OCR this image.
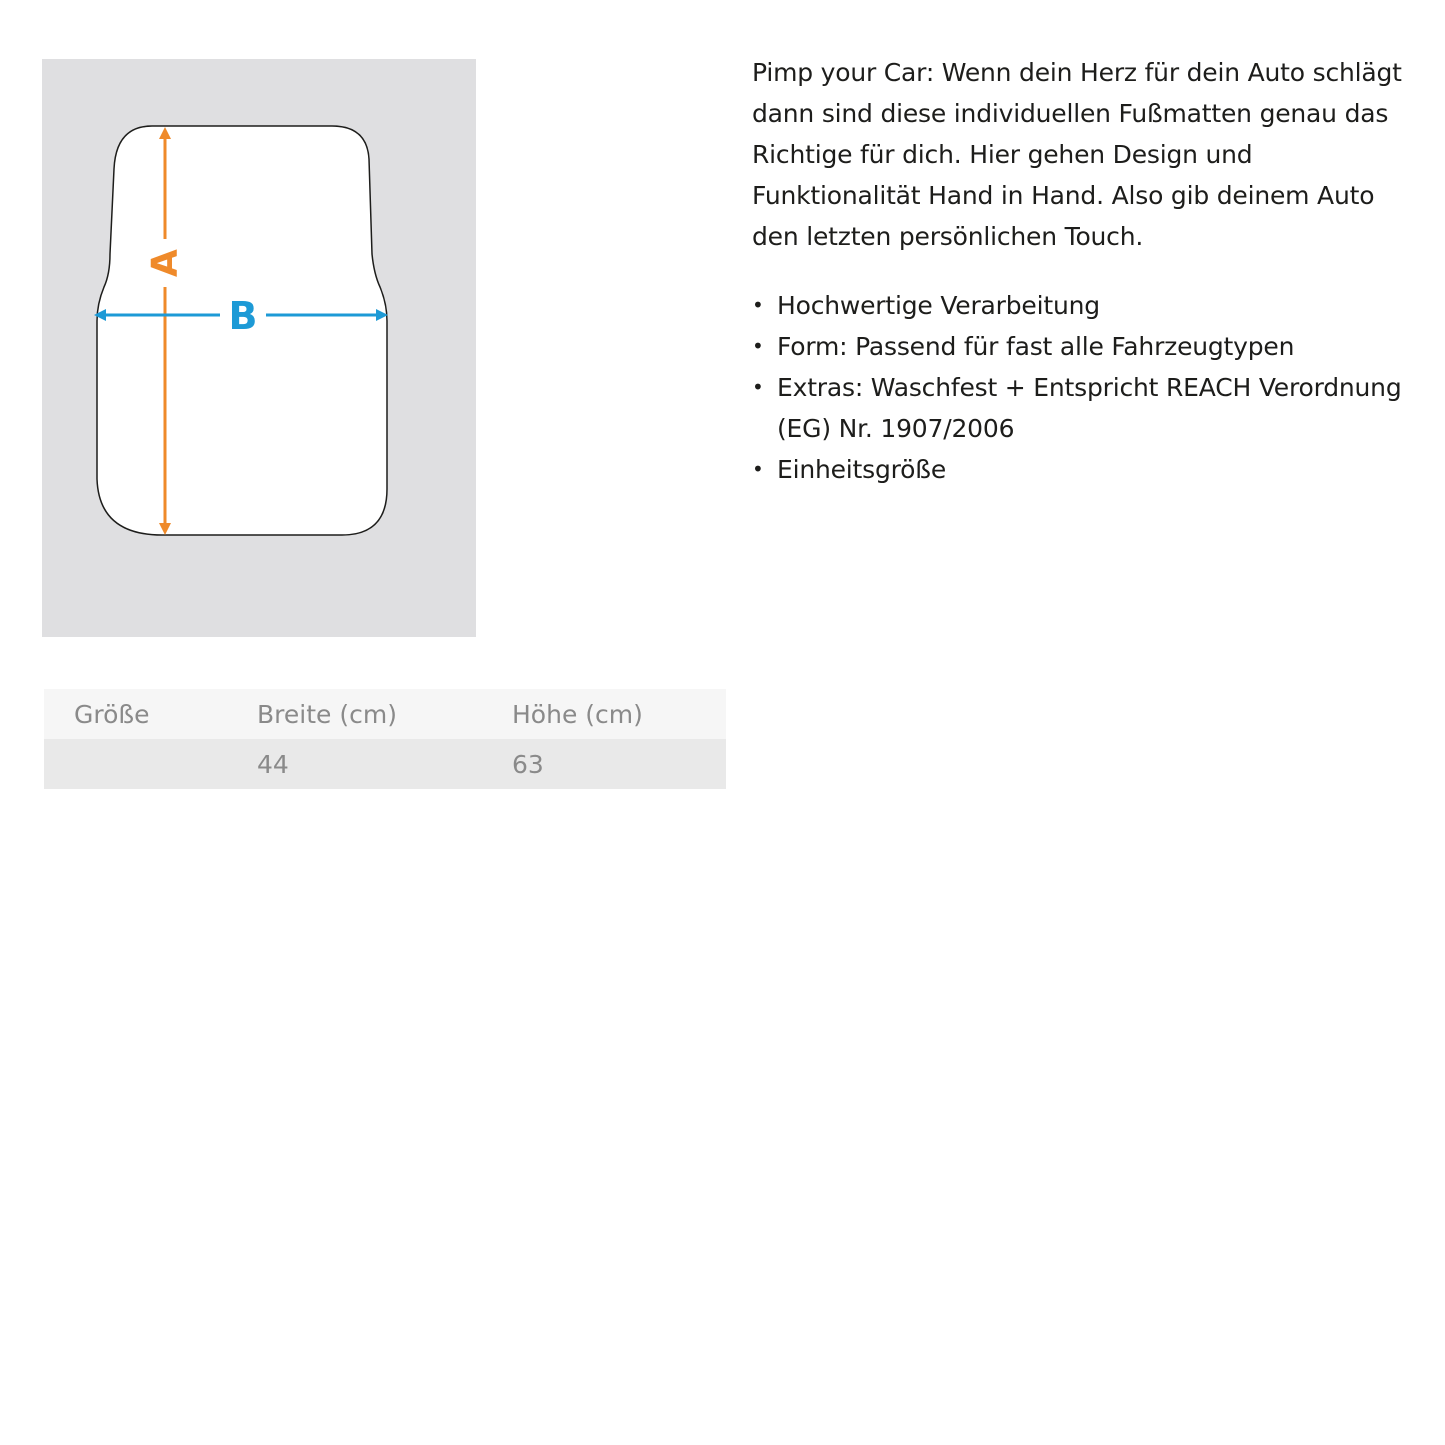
A
B

Pimp your Car: Wenn dein Herz für dein Auto schlägt dann sind diese individuellen Fußmatten genau das Richtige für dich. Hier gehen Design und Funktionalität Hand in Hand. Also gib deinem Auto den letzten persönlichen Touch.

• Hochwertige Verarbeitung
• Form: Passend für fast alle Fahrzeugtypen
• Extras: Waschfest + Entspricht REACH Verordnung (EG) Nr. 1907/2006
• Einheitsgröße
Größe	Breite (cm)	Höhe (cm)
	44	63
